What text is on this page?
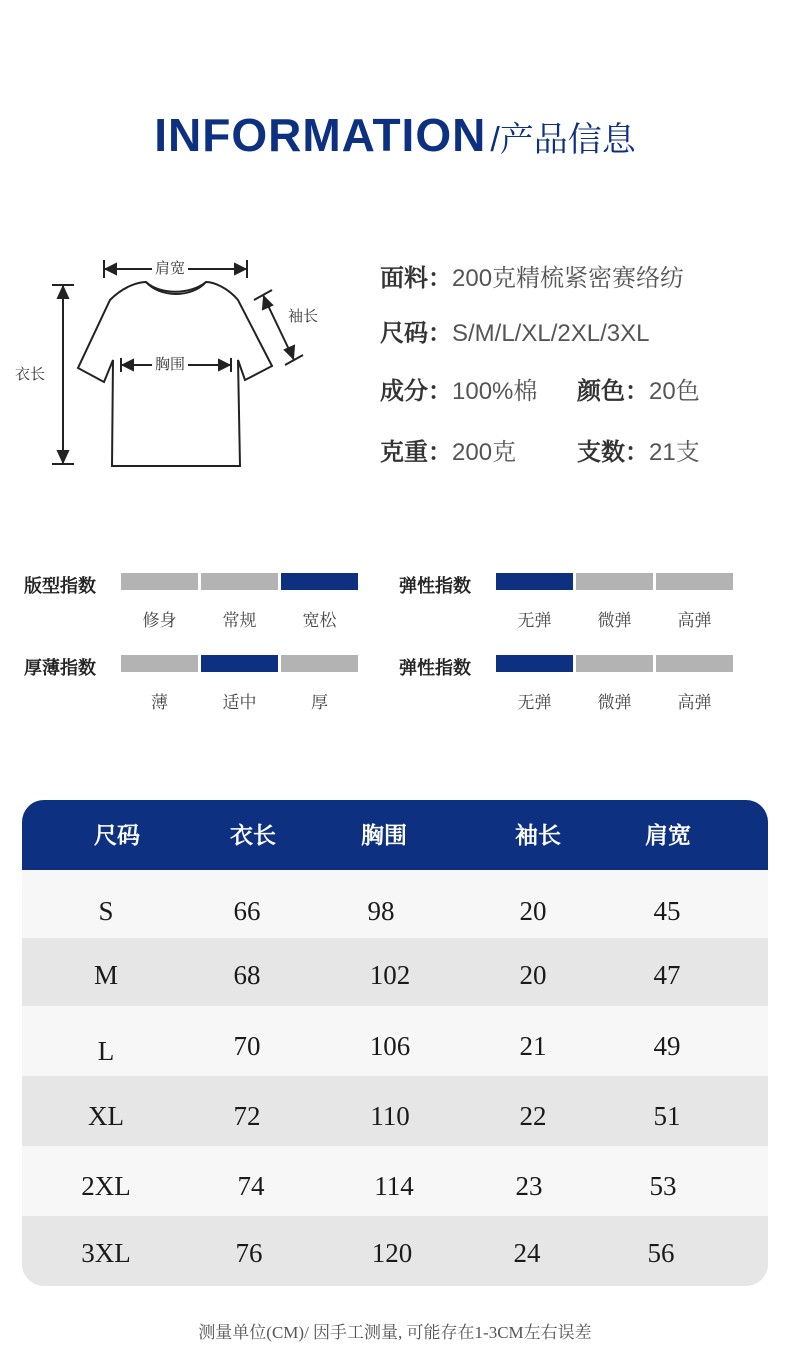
INFORMATION /产品信息
肩宽
袖长
胸围
衣长
面料：200克精梳紧密赛络纺
尺码：S/M/L/XL/2XL/3XL
成分：100%棉 颜色：20色
克重：200克	支数：21支
版型指数
修身	常规	宽松
弹性指数
无弹	微弹	高弹
厚薄指数
薄	适中	厚
弹性指数
无弹	微弹	高弹
尺码	衣长	胸围	袖长	肩宽
S	66	98	20	45
M	68	102	20	47
L	70	106	21	49
XL	72	110	22	51
2XL	74	114	23	53
3XL	76	120	24	56
测量单位(CM)/ 因手工测量, 可能存在1-3CM左右误差
